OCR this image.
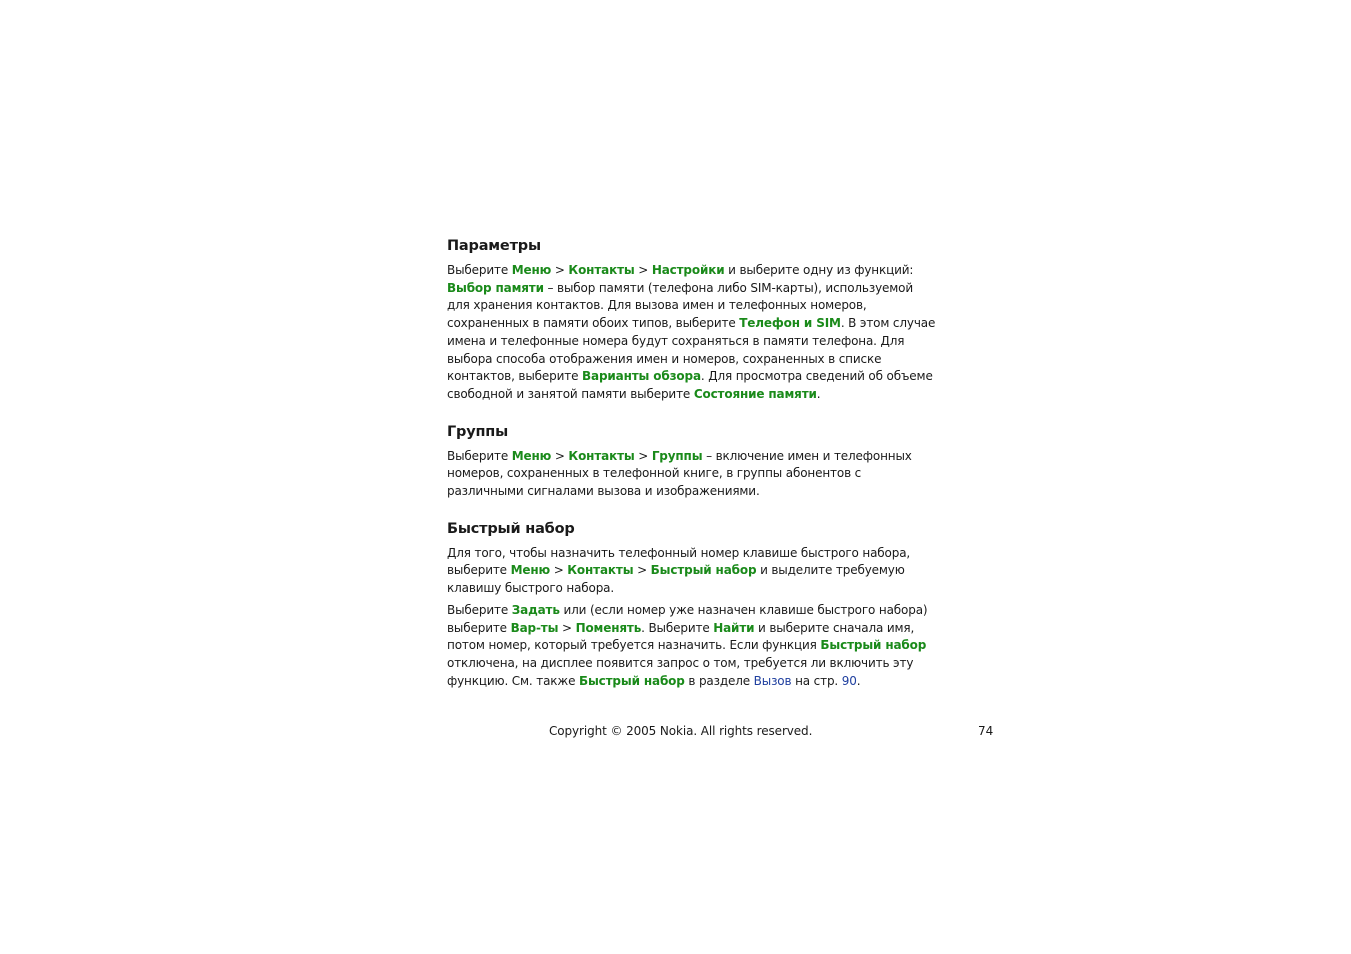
Параметры

Выберите Меню > Контакты > Настройки и выберите одну из функций:
Выбор памяти – выбор памяти (телефона либо SIM-карты), используемой
для хранения контактов. Для вызова имен и телефонных номеров,
сохраненных в памяти обоих типов, выберите Телефон и SIM. В этом случае
имена и телефонные номера будут сохраняться в памяти телефона. Для
выбора способа отображения имен и номеров, сохраненных в списке
контактов, выберите Варианты обзора. Для просмотра сведений об объеме
свободной и занятой памяти выберите Состояние памяти.

Группы

Выберите Меню > Контакты > Группы – включение имен и телефонных
номеров, сохраненных в телефонной книге, в группы абонентов с
различными сигналами вызова и изображениями.

Быстрый набор

Для того, чтобы назначить телефонный номер клавише быстрого набора,
выберите Меню > Контакты > Быстрый набор и выделите требуемую
клавишу быстрого набора.

Выберите Задать или (если номер уже назначен клавише быстрого набора)
выберите Вар-ты > Поменять. Выберите Найти и выберите сначала имя,
потом номер, который требуется назначить. Если функция Быстрый набор
отключена, на дисплее появится запрос о том, требуется ли включить эту
функцию. См. также Быстрый набор в разделе Вызов на стр. 90.

Copyright © 2005 Nokia. All rights reserved.	74
